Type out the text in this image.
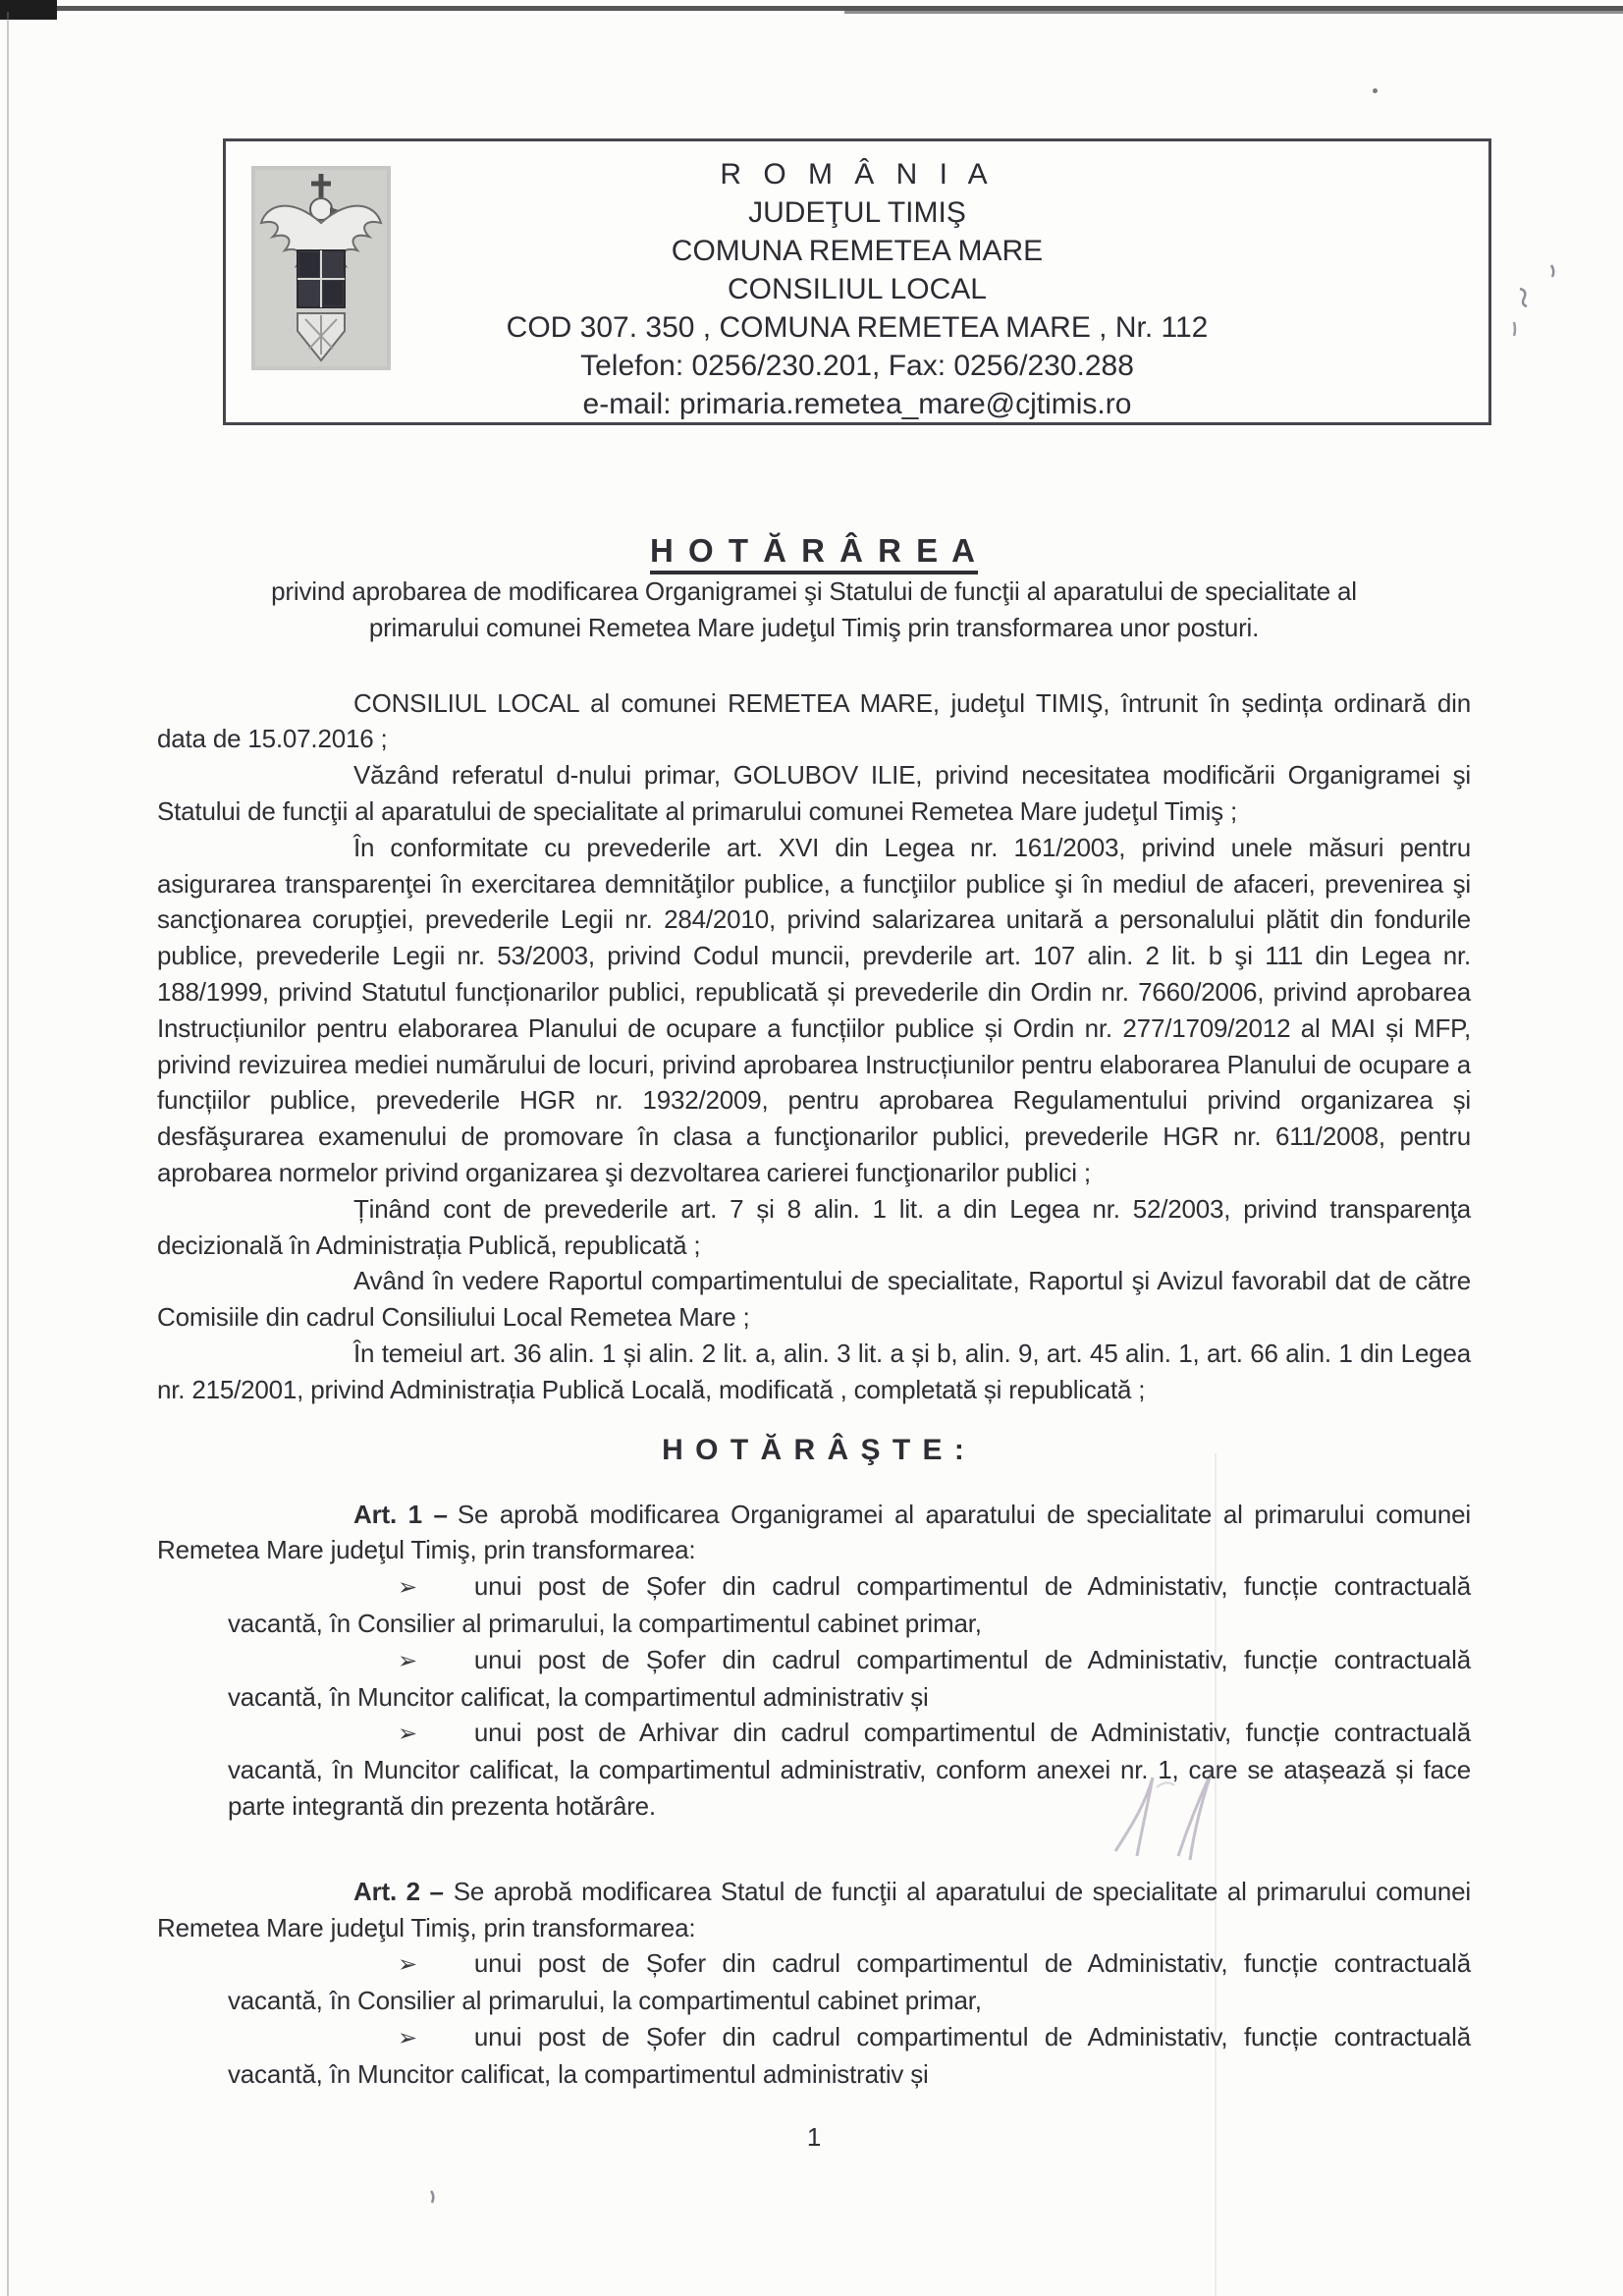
R O M Â N I A
JUDEŢUL TIMIŞ
COMUNA REMETEA MARE
CONSILIUL LOCAL
COD 307. 350 , COMUNA REMETEA MARE , Nr. 112
Telefon: 0256/230.201, Fax: 0256/230.288
e-mail: primaria.remetea_mare@cjtimis.ro
H O T Ă R Â R E A

privind aprobarea de modificarea Organigramei şi Statului de funcţii al aparatului de specialitate al

primarului comunei Remetea Mare judeţul Timiş prin transformarea unor posturi.

CONSILIUL LOCAL al comunei REMETEA MARE, judeţul TIMIŞ, întrunit în ședința ordinară din data de 15.07.2016 ;

Văzând referatul d-nului primar, GOLUBOV ILIE, privind necesitatea modificării Organigramei şi Statului de funcţii al aparatului de specialitate al primarului comunei Remetea Mare judeţul Timiş ;

În conformitate cu prevederile art. XVI din Legea nr. 161/2003, privind unele măsuri pentru asigurarea transparenţei în exercitarea demnităţilor publice, a funcţiilor publice şi în mediul de afaceri, prevenirea şi sancţionarea corupţiei, prevederile Legii nr. 284/2010, privind salarizarea unitară a personalului plătit din fondurile publice, prevederile Legii nr. 53/2003, privind Codul muncii, prevderile art. 107 alin. 2 lit. b şi 111 din Legea nr. 188/1999, privind Statutul funcționarilor publici, republicată și prevederile din Ordin nr. 7660/2006, privind aprobarea Instrucțiunilor pentru elaborarea Planului de ocupare a funcțiilor publice și Ordin nr. 277/1709/2012 al MAI și MFP, privind revizuirea mediei numărului de locuri, privind aprobarea Instrucțiunilor pentru elaborarea Planului de ocupare a funcțiilor publice, prevederile HGR nr. 1932/2009, pentru aprobarea Regulamentului privind organizarea și desfăşurarea examenului de promovare în clasa a funcţionarilor publici, prevederile HGR nr. 611/2008, pentru aprobarea normelor privind organizarea şi dezvoltarea carierei funcţionarilor publici ;

Ținând cont de prevederile art. 7 și 8 alin. 1 lit. a din Legea nr. 52/2003, privind transparenţa decizională în Administrația Publică, republicată ;

Având în vedere Raportul compartimentului de specialitate, Raportul şi Avizul favorabil dat de către Comisiile din cadrul Consiliului Local Remetea Mare ;

În temeiul art. 36 alin. 1 și alin. 2 lit. a, alin. 3 lit. a și b, alin. 9, art. 45 alin. 1, art. 66 alin. 1 din Legea nr. 215/2001, privind Administrația Publică Locală, modificată , completată și republicată ;

H O T Ă R Â Ş T E :

Art. 1 – Se aprobă modificarea Organigramei al aparatului de specialitate al primarului comunei Remetea Mare judeţul Timiş, prin transformarea:

➢ unui post de Șofer din cadrul compartimentul de Administativ, funcție contractuală vacantă, în Consilier al primarului, la compartimentul cabinet primar,

➢ unui post de Șofer din cadrul compartimentul de Administativ, funcție contractuală vacantă, în Muncitor calificat, la compartimentul administrativ și

➢ unui post de Arhivar din cadrul compartimentul de Administativ, funcție contractuală vacantă, în Muncitor calificat, la compartimentul administrativ, conform anexei nr. 1, care se atașează și face parte integrantă din prezenta hotărâre.

Art. 2 – Se aprobă modificarea Statul de funcţii al aparatului de specialitate al primarului comunei Remetea Mare judeţul Timiş, prin transformarea:

➢ unui post de Șofer din cadrul compartimentul de Administativ, funcție contractuală vacantă, în Consilier al primarului, la compartimentul cabinet primar,

➢ unui post de Șofer din cadrul compartimentul de Administativ, funcție contractuală vacantă, în Muncitor calificat, la compartimentul administrativ și

1
